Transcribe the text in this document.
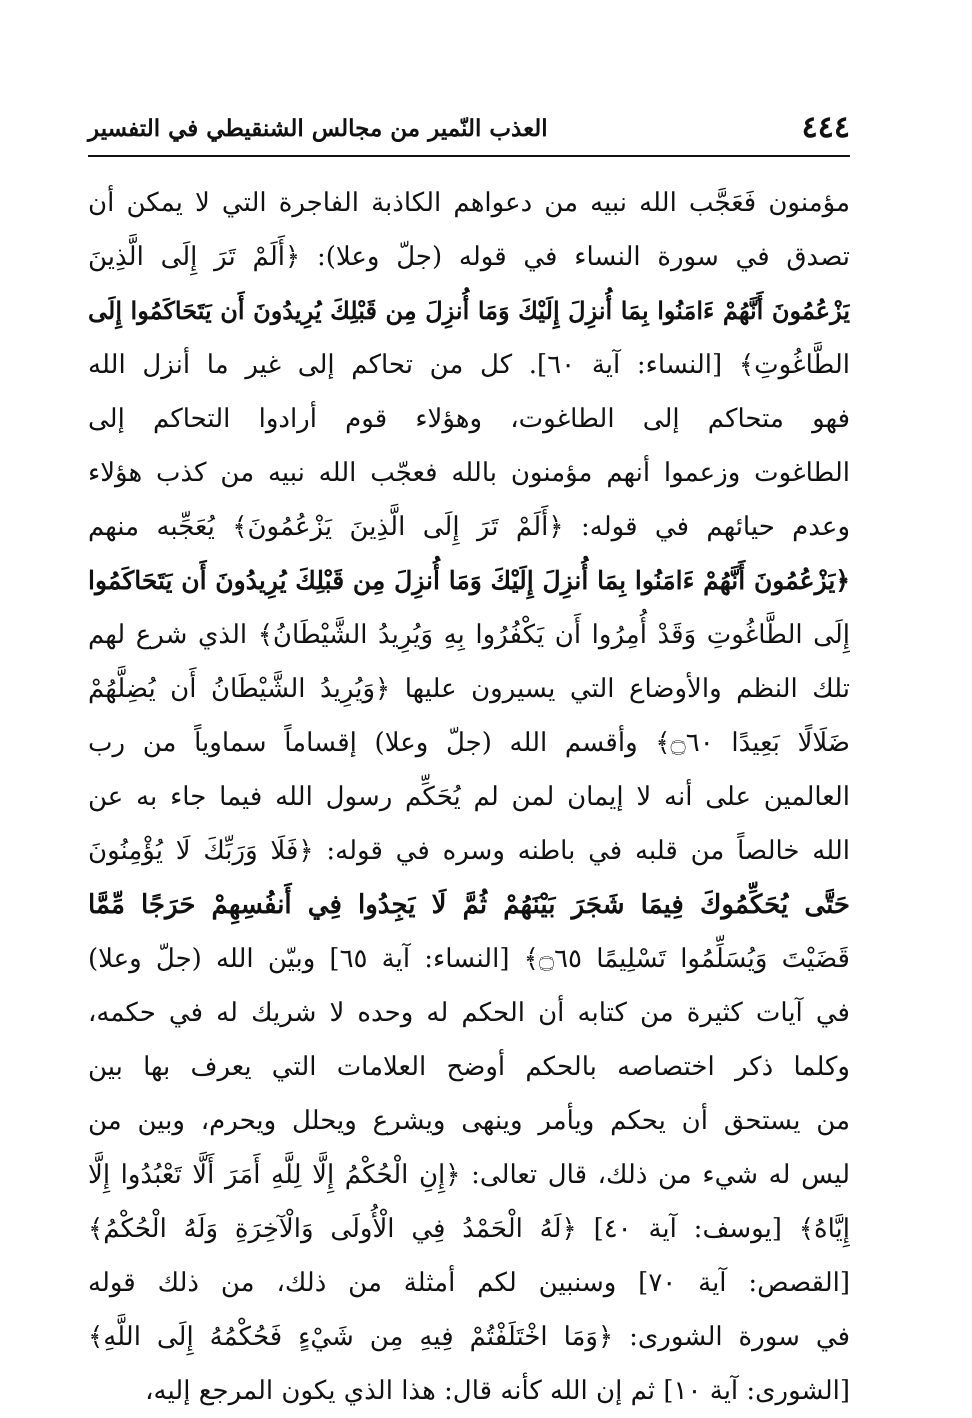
٤٤٤
العذب النّمير من مجالس الشنقيطي في التفسير
مؤمنون فَعَجَّب الله نبيه من دعواهم الكاذبة الفاجرة التي لا يمكن أن
تصدق في سورة النساء في قوله (جلّ وعلا): ﴿أَلَمْ تَرَ إِلَى الَّذِينَ
يَزْعُمُونَ أَنَّهُمْ ءَامَنُوا بِمَا أُنزِلَ إِلَيْكَ وَمَا أُنزِلَ مِن قَبْلِكَ يُرِيدُونَ أَن يَتَحَاكَمُوا إِلَى
الطَّاغُوتِ﴾ [النساء: آية ٦٠]. كل من تحاكم إلى غير ما أنزل الله
فهو متحاكم إلى الطاغوت، وهؤلاء قوم أرادوا التحاكم إلى
الطاغوت وزعموا أنهم مؤمنون بالله فعجّب الله نبيه من كذب هؤلاء
وعدم حيائهم في قوله: ﴿أَلَمْ تَرَ إِلَى الَّذِينَ يَزْعُمُونَ﴾ يُعَجِّبه منهم
﴿يَزْعُمُونَ أَنَّهُمْ ءَامَنُوا بِمَا أُنزِلَ إِلَيْكَ وَمَا أُنزِلَ مِن قَبْلِكَ يُرِيدُونَ أَن يَتَحَاكَمُوا
إِلَى الطَّاغُوتِ وَقَدْ أُمِرُوا أَن يَكْفُرُوا بِهِ وَيُرِيدُ الشَّيْطَانُ﴾ الذي شرع لهم
تلك النظم والأوضاع التي يسيرون عليها ﴿وَيُرِيدُ الشَّيْطَانُ أَن يُضِلَّهُمْ
ضَلَالًا بَعِيدًا ۝٦٠﴾ وأقسم الله (جلّ وعلا) إقساماً سماوياً من رب
العالمين على أنه لا إيمان لمن لم يُحَكِّم رسول الله فيما جاء به عن
الله خالصاً من قلبه في باطنه وسره في قوله: ﴿فَلَا وَرَبِّكَ لَا يُؤْمِنُونَ
حَتَّى يُحَكِّمُوكَ فِيمَا شَجَرَ بَيْنَهُمْ ثُمَّ لَا يَجِدُوا فِي أَنفُسِهِمْ حَرَجًا مِّمَّا
قَضَيْتَ وَيُسَلِّمُوا تَسْلِيمًا ۝٦٥﴾ [النساء: آية ٦٥] وبيّن الله (جلّ وعلا)
في آيات كثيرة من كتابه أن الحكم له وحده لا شريك له في حكمه،
وكلما ذكر اختصاصه بالحكم أوضح العلامات التي يعرف بها بين
من يستحق أن يحكم ويأمر وينهى ويشرع ويحلل ويحرم، وبين من
ليس له شيء من ذلك، قال تعالى: ﴿إِنِ الْحُكْمُ إِلَّا لِلَّهِ أَمَرَ أَلَّا تَعْبُدُوا إِلَّا
إِيَّاهُ﴾ [يوسف: آية ٤٠] ﴿لَهُ الْحَمْدُ فِي الْأُولَى وَالْآخِرَةِ وَلَهُ الْحُكْمُ﴾
[القصص: آية ٧٠] وسنبين لكم أمثلة من ذلك، من ذلك قوله
في سورة الشورى: ﴿وَمَا اخْتَلَفْتُمْ فِيهِ مِن شَيْءٍ فَحُكْمُهُ إِلَى اللَّهِ﴾
[الشورى: آية ١٠] ثم إن الله كأنه قال: هذا الذي يكون المرجع إليه،
